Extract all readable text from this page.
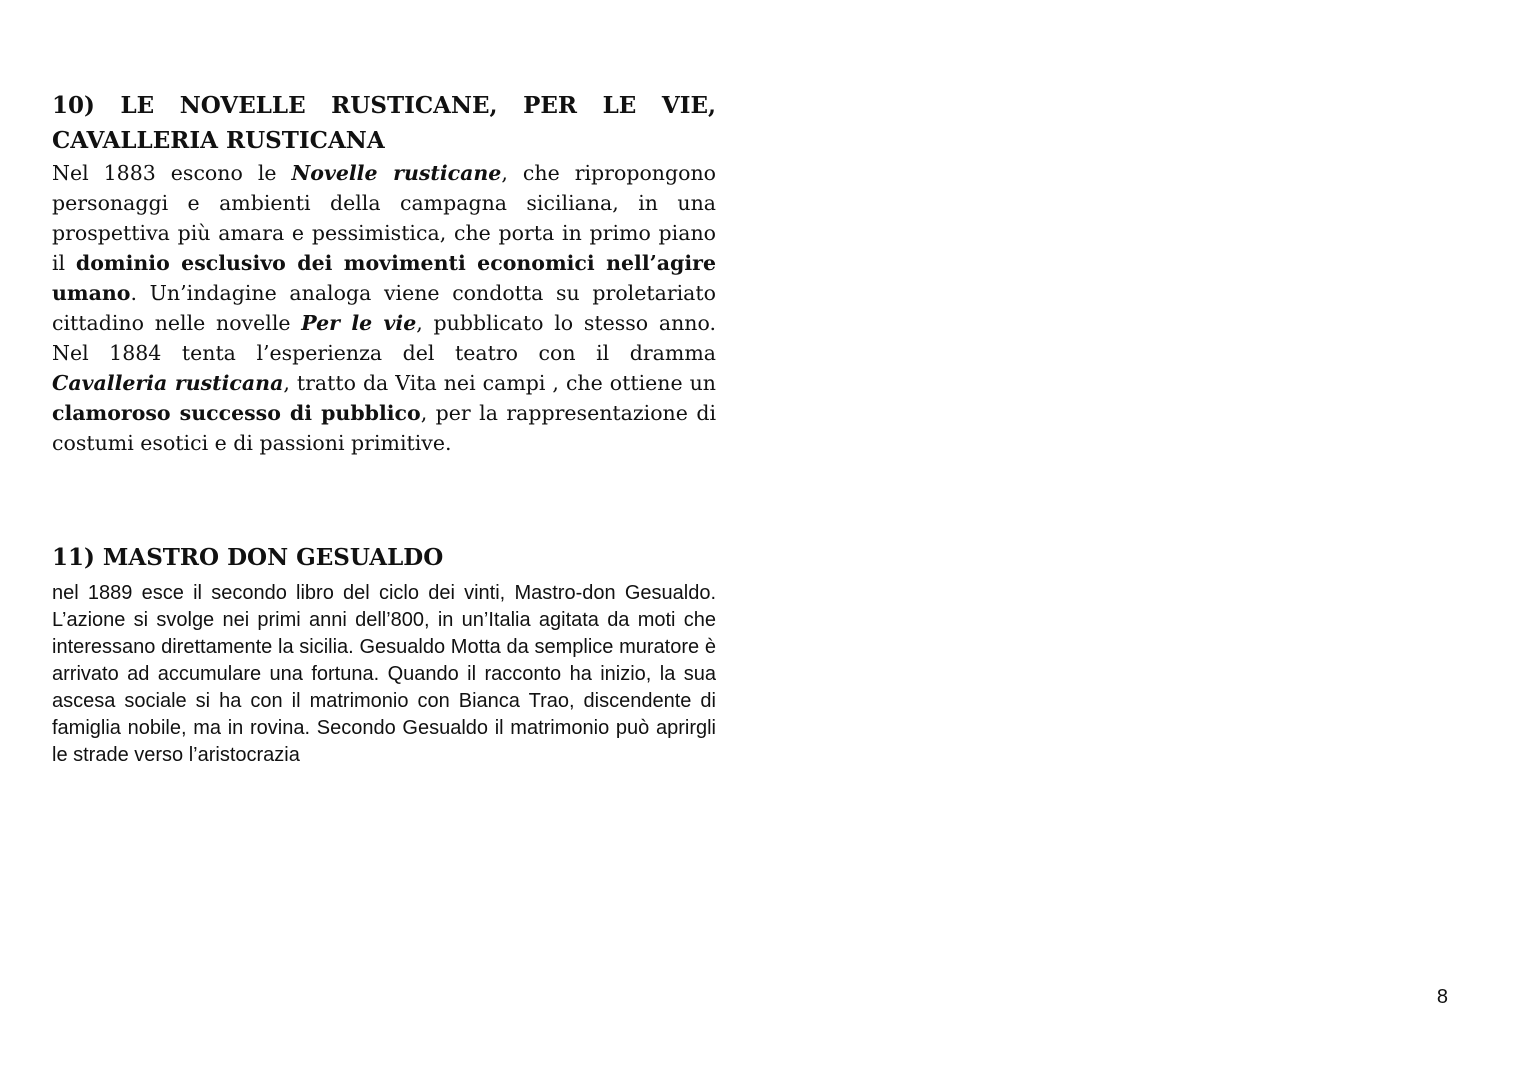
10) LE NOVELLE RUSTICANE, PER LE VIE, CAVALLERIA RUSTICANA

Nel 1883 escono le Novelle rusticane, che ripropongono personaggi e ambienti della campagna siciliana, in una prospettiva più amara e pessimistica, che porta in primo piano il dominio esclusivo dei movimenti economici nell’agire umano. Un’indagine analoga viene condotta su proletariato cittadino nelle novelle Per le vie, pubblicato lo stesso anno. Nel 1884 tenta l’esperienza del teatro con il dramma Cavalleria rusticana, tratto da Vita nei campi , che ottiene un clamoroso successo di pubblico, per la rappresentazione di costumi esotici e di passioni primitive.

11) MASTRO DON GESUALDO

nel 1889 esce il secondo libro del ciclo dei vinti, Mastro-don Gesualdo. L’azione si svolge nei primi anni dell’800, in un’Italia agitata da moti che interessano direttamente la sicilia. Gesualdo Motta da semplice muratore è arrivato ad accumulare una fortuna. Quando il racconto ha inizio, la sua ascesa sociale si ha con il matrimonio con Bianca Trao, discendente di famiglia nobile, ma in rovina. Secondo Gesualdo il matrimonio può aprirgli le strade verso l’aristocrazia

8
